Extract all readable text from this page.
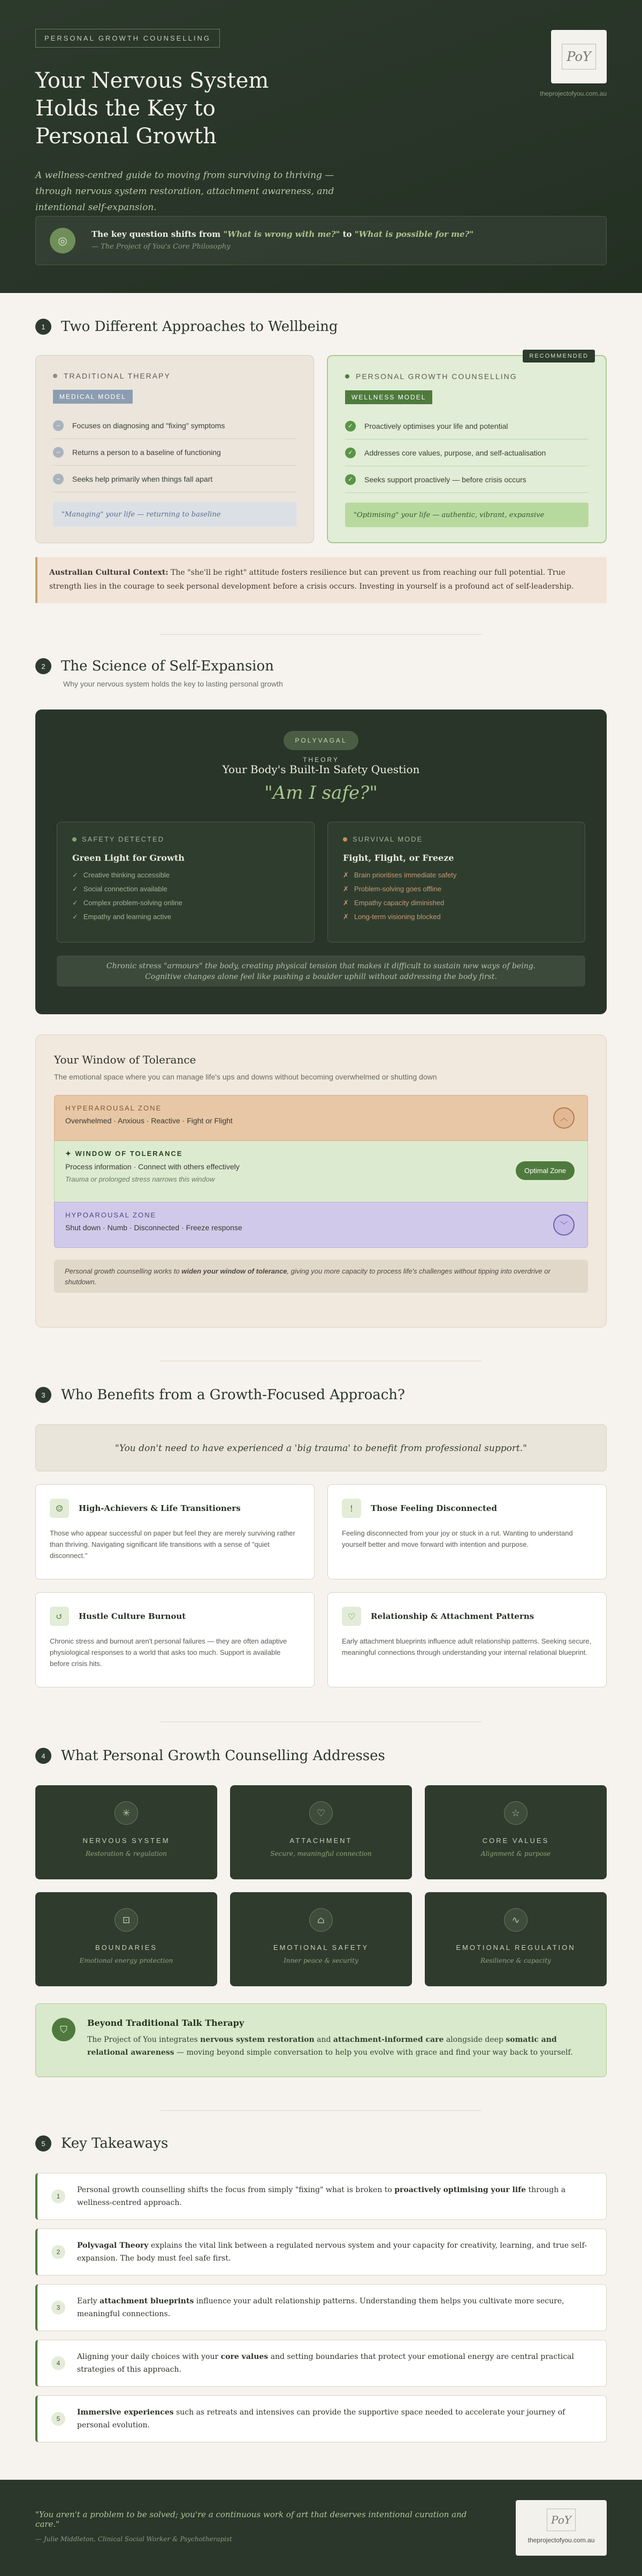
PERSONAL GROWTH COUNSELLING
Your Nervous System Holds the Key to Personal Growth

A wellness-centred guide to moving from surviving to thriving — through nervous system restoration, attachment awareness, and intentional self-expansion.

PoY
theprojectofyou.com.au
◎	The key question shifts from "What is wrong with me?" to "What is possible for me?"
— The Project of You's Core Philosophy
1	Two Different Approaches to Wellbeing
TRADITIONAL THERAPY
MEDICAL MODEL
–	Focuses on diagnosing and "fixing" symptoms
–	Returns a person to a baseline of functioning
–	Seeks help primarily when things fall apart
"Managing" your life — returning to baseline
RECOMMENDED
PERSONAL GROWTH COUNSELLING
WELLNESS MODEL
✓	Proactively optimises your life and potential
✓	Addresses core values, purpose, and self-actualisation
✓	Seeks support proactively — before crisis occurs
"Optimising" your life — authentic, vibrant, expansive
Australian Cultural Context: The "she'll be right" attitude fosters resilience but can prevent us from reaching our full potential. True strength lies in the courage to seek personal development before a crisis occurs. Investing in yourself is a profound act of self-leadership.
2	The Science of Self-Expansion
Why your nervous system holds the key to lasting personal growth
POLYVAGAL THEORY
Your Body's Built-In Safety Question
"Am I safe?"
SAFETY DETECTED
Green Light for Growth
✓ Creative thinking accessible
✓ Social connection available
✓ Complex problem-solving online
✓ Empathy and learning active
SURVIVAL MODE
Fight, Flight, or Freeze
✗ Brain prioritises immediate safety
✗ Problem-solving goes offline
✗ Empathy capacity diminished
✗ Long-term visioning blocked
Chronic stress "armours" the body, creating physical tension that makes it difficult to sustain new ways of being. Cognitive changes alone feel like pushing a boulder uphill without addressing the body first.
Your Window of Tolerance
The emotional space where you can manage life's ups and downs without becoming overwhelmed or shutting down
HYPERAROUSAL ZONE
Overwhelmed · Anxious · Reactive · Fight or Flight	︿
✦ WINDOW OF TOLERANCE
Process information · Connect with others effectively
Trauma or prolonged stress narrows this window
Optimal Zone
HYPOAROUSAL ZONE
Shut down · Numb · Disconnected · Freeze response	﹀
Personal growth counselling works to widen your window of tolerance, giving you more capacity to process life's challenges without tipping into overdrive or shutdown.
3	Who Benefits from a Growth-Focused Approach?
"You don't need to have experienced a 'big trauma' to benefit from professional support."
☺	High-Achievers & Life Transitioners
Those who appear successful on paper but feel they are merely surviving rather than thriving. Navigating significant life transitions with a sense of "quiet disconnect."
!	Those Feeling Disconnected
Feeling disconnected from your joy or stuck in a rut. Wanting to understand yourself better and move forward with intention and purpose.
↺	Hustle Culture Burnout
Chronic stress and burnout aren't personal failures — they are often adaptive physiological responses to a world that asks too much. Support is available before crisis hits.
♡	Relationship & Attachment Patterns
Early attachment blueprints influence adult relationship patterns. Seeking secure, meaningful connections through understanding your internal relational blueprint.
4	What Personal Growth Counselling Addresses
✳
NERVOUS SYSTEM
Restoration & regulation
♡
ATTACHMENT
Secure, meaningful connection
☆
CORE VALUES
Alignment & purpose
⊡
BOUNDARIES
Emotional energy protection
⌂
EMOTIONAL SAFETY
Inner peace & security
∿
EMOTIONAL REGULATION
Resilience & capacity
⛉
Beyond Traditional Talk Therapy
The Project of You integrates nervous system restoration and attachment-informed care alongside deep somatic and relational awareness — moving beyond simple conversation to help you evolve with grace and find your way back to yourself.
5	Key Takeaways
1
Personal growth counselling shifts the focus from simply "fixing" what is broken to proactively optimising your life through a wellness-centred approach.
2
Polyvagal Theory explains the vital link between a regulated nervous system and your capacity for creativity, learning, and true self-expansion. The body must feel safe first.
3
Early attachment blueprints influence your adult relationship patterns. Understanding them helps you cultivate more secure, meaningful connections.
4
Aligning your daily choices with your core values and setting boundaries that protect your emotional energy are central practical strategies of this approach.
5
Immersive experiences such as retreats and intensives can provide the supportive space needed to accelerate your journey of personal evolution.
"You aren't a problem to be solved; you're a continuous work of art that deserves intentional curation and care."
— Julie Middleton, Clinical Social Worker & Psychotherapist
PoY
theprojectofyou.com.au
